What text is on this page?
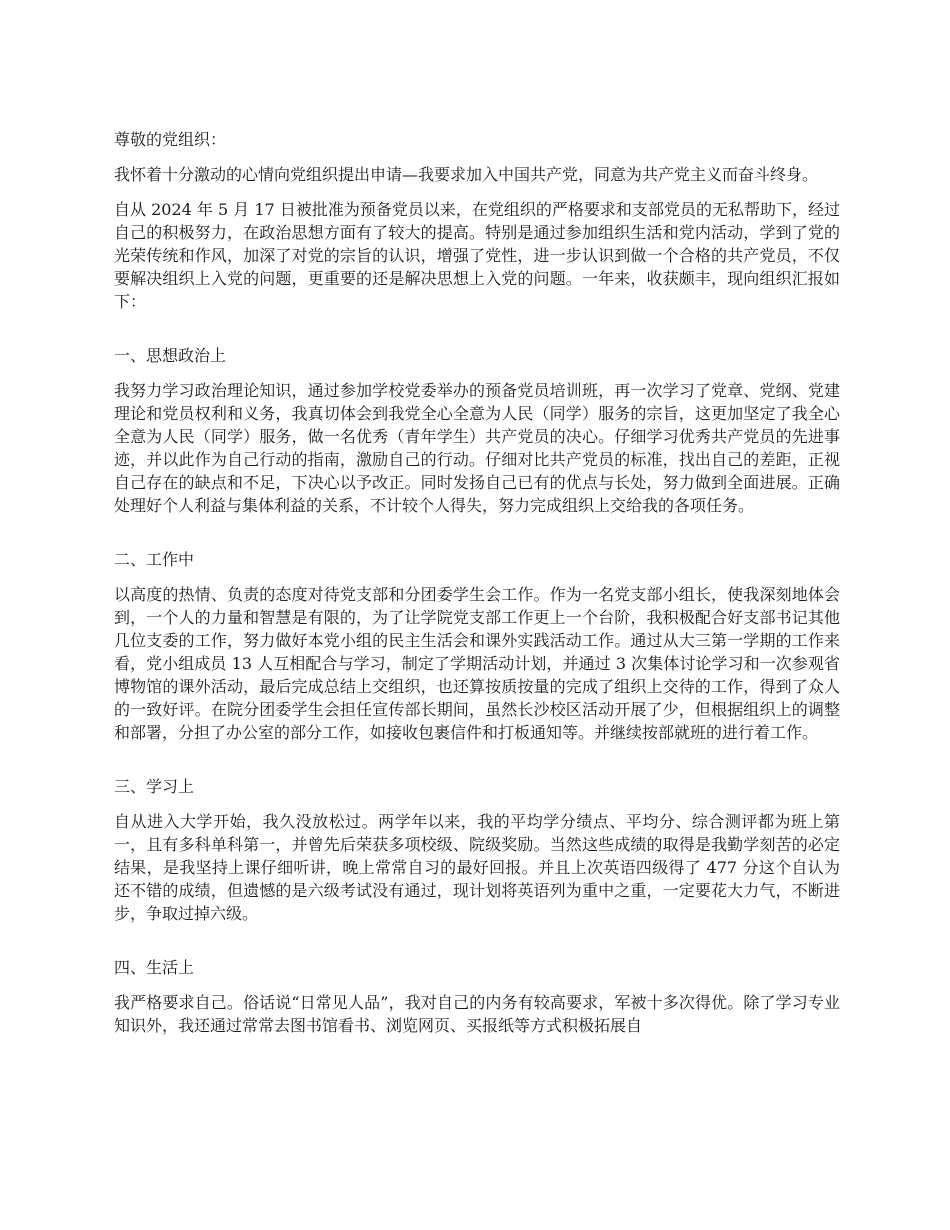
尊敬的党组织：

我怀着十分激动的心情向党组织提出申请—我要求加入中国共产党，同意为共产党主义而奋斗终身。

自从 2024 年 5 月 17 日被批准为预备党员以来，在党组织的严格要求和支部党员的无私帮助下，经过自己的积极努力，在政治思想方面有了较大的提高。特别是通过参加组织生活和党内活动，学到了党的光荣传统和作风，加深了对党的宗旨的认识，增强了党性，进一步认识到做一个合格的共产党员，不仅要解决组织上入党的问题，更重要的还是解决思想上入党的问题。一年来，收获颇丰，现向组织汇报如下：

一、思想政治上

我努力学习政治理论知识，通过参加学校党委举办的预备党员培训班，再一次学习了党章、党纲、党建理论和党员权利和义务，我真切体会到我党全心全意为人民（同学）服务的宗旨，这更加坚定了我全心全意为人民（同学）服务，做一名优秀（青年学生）共产党员的决心。仔细学习优秀共产党员的先进事迹，并以此作为自己行动的指南，激励自己的行动。仔细对比共产党员的标准，找出自己的差距，正视自己存在的缺点和不足，下决心以予改正。同时发扬自己已有的优点与长处，努力做到全面进展。正确处理好个人利益与集体利益的关系，不计较个人得失，努力完成组织上交给我的各项任务。

二、工作中

以高度的热情、负责的态度对待党支部和分团委学生会工作。作为一名党支部小组长，使我深刻地体会到，一个人的力量和智慧是有限的，为了让学院党支部工作更上一个台阶，我积极配合好支部书记其他几位支委的工作，努力做好本党小组的民主生活会和课外实践活动工作。通过从大三第一学期的工作来看，党小组成员 13 人互相配合与学习，制定了学期活动计划，并通过 3 次集体讨论学习和一次参观省博物馆的课外活动，最后完成总结上交组织，也还算按质按量的完成了组织上交待的工作，得到了众人的一致好评。在院分团委学生会担任宣传部长期间，虽然长沙校区活动开展了少，但根据组织上的调整和部署，分担了办公室的部分工作，如接收包裹信件和打板通知等。并继续按部就班的进行着工作。

三、学习上

自从进入大学开始，我久没放松过。两学年以来，我的平均学分绩点、平均分、综合测评都为班上第一，且有多科单科第一，并曾先后荣获多项校级、院级奖励。当然这些成绩的取得是我勤学刻苦的必定结果，是我坚持上课仔细听讲，晚上常常自习的最好回报。并且上次英语四级得了 477 分这个自认为还不错的成绩，但遗憾的是六级考试没有通过，现计划将英语列为重中之重，一定要花大力气，不断进步，争取过掉六级。

四、生活上

我严格要求自己。俗话说“日常见人品”，我对自己的内务有较高要求，军被十多次得优。除了学习专业知识外，我还通过常常去图书馆看书、浏览网页、买报纸等方式积极拓展自
